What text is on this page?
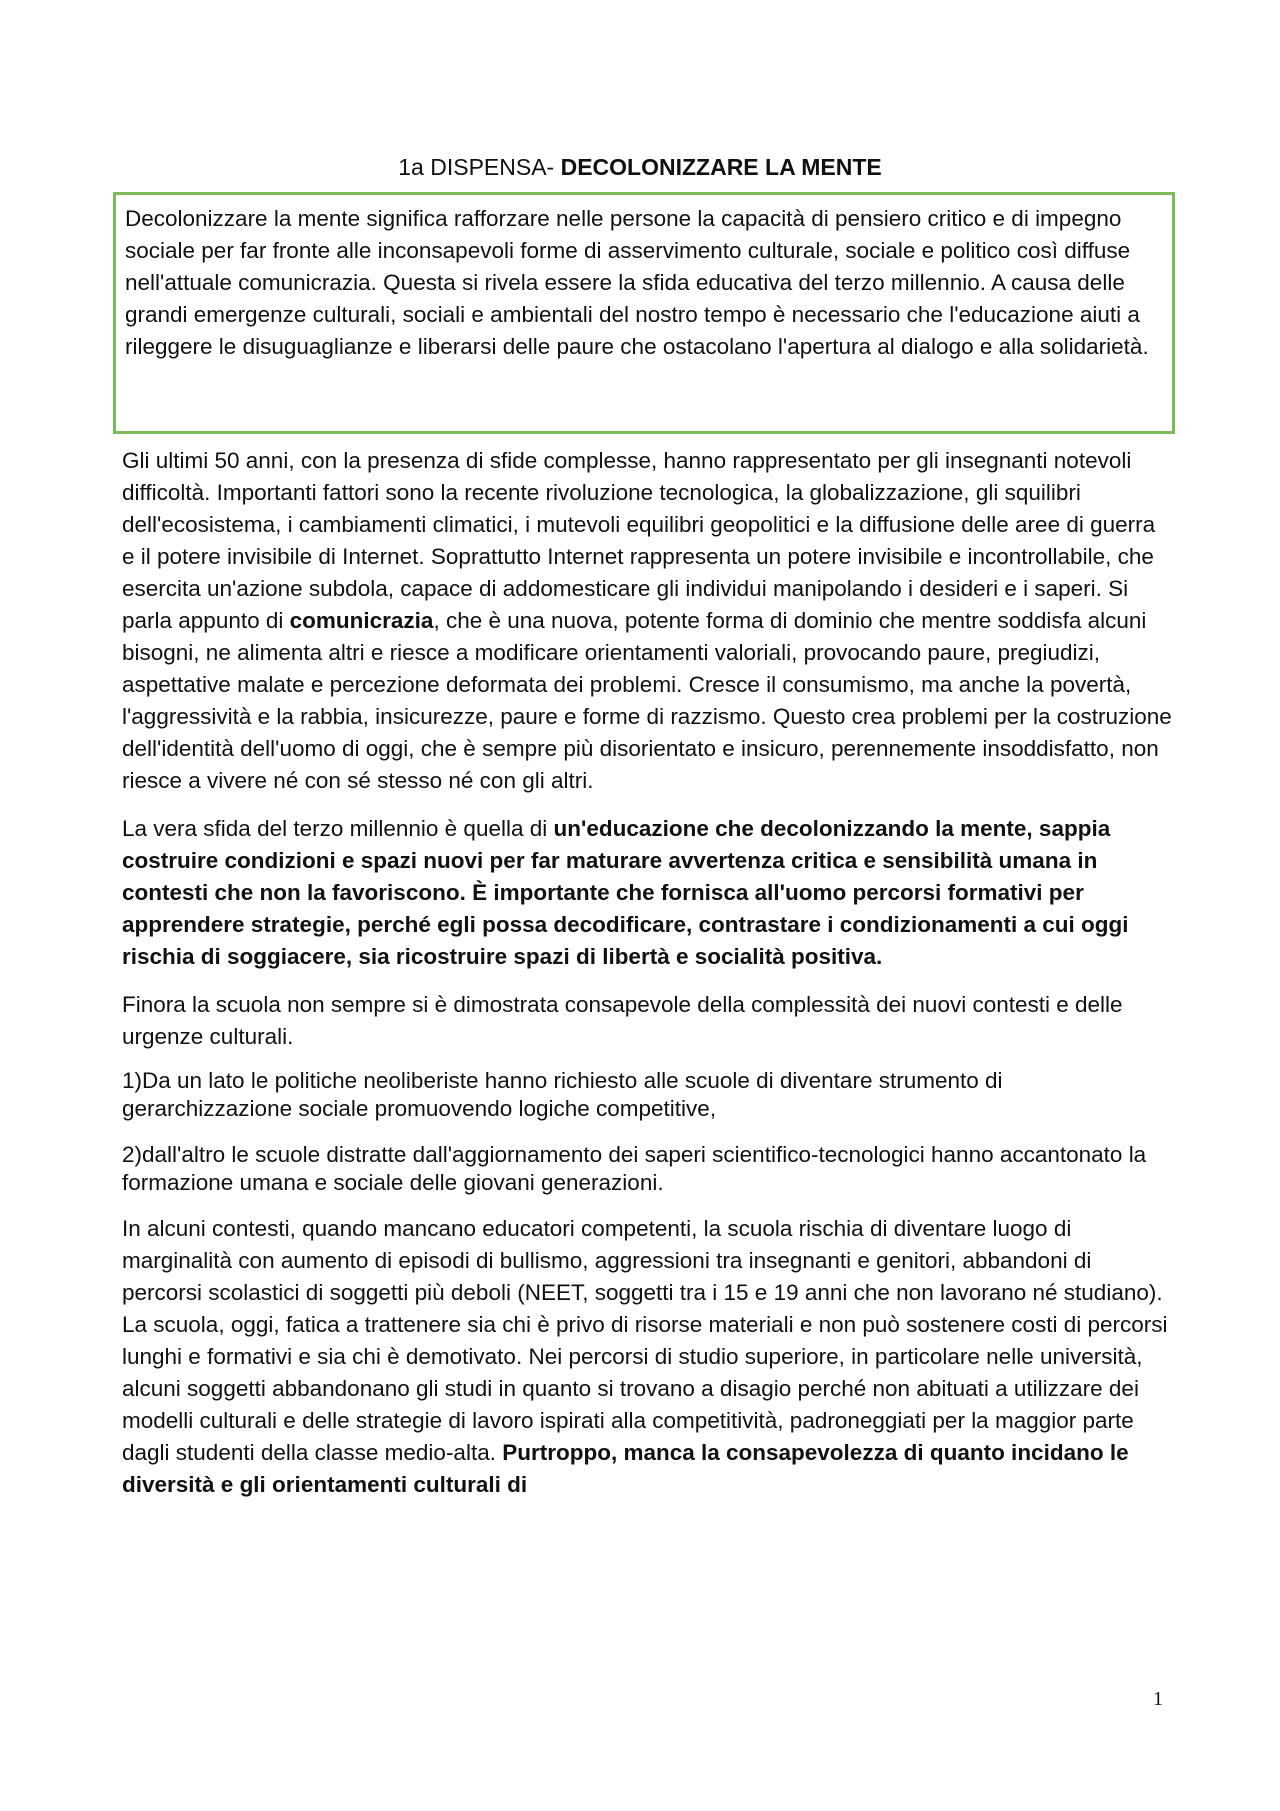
1a DISPENSA- DECOLONIZZARE LA MENTE
Decolonizzare la mente significa rafforzare nelle persone la capacità di pensiero critico e di impegno sociale per far fronte alle inconsapevoli forme di asservimento culturale, sociale e politico così diffuse nell'attuale comunicrazia. Questa si rivela essere la sfida educativa del terzo millennio. A causa delle grandi emergenze culturali, sociali e ambientali del nostro tempo è necessario che l'educazione aiuti a rileggere le disuguaglianze e liberarsi delle paure che ostacolano l'apertura al dialogo e alla solidarietà.

Gli ultimi 50 anni, con la presenza di sfide complesse, hanno rappresentato per gli insegnanti notevoli difficoltà. Importanti fattori sono la recente rivoluzione tecnologica, la globalizzazione, gli squilibri dell'ecosistema, i cambiamenti climatici, i mutevoli equilibri geopolitici e la diffusione delle aree di guerra e il potere invisibile di Internet. Soprattutto Internet rappresenta un potere invisibile e incontrollabile, che esercita un'azione subdola, capace di addomesticare gli individui manipolando i desideri e i saperi. Si parla appunto di comunicrazia, che è una nuova, potente forma di dominio che mentre soddisfa alcuni bisogni, ne alimenta altri e riesce a modificare orientamenti valoriali, provocando paure, pregiudizi, aspettative malate e percezione deformata dei problemi. Cresce il consumismo, ma anche la povertà, l'aggressività e la rabbia, insicurezze, paure e forme di razzismo. Questo crea problemi per la costruzione dell'identità dell'uomo di oggi, che è sempre più disorientato e insicuro, perennemente insoddisfatto, non riesce a vivere né con sé stesso né con gli altri.

La vera sfida del terzo millennio è quella di un'educazione che decolonizzando la mente, sappia costruire condizioni e spazi nuovi per far maturare avvertenza critica e sensibilità umana in contesti che non la favoriscono. È importante che fornisca all'uomo percorsi formativi per apprendere strategie, perché egli possa decodificare, contrastare i condizionamenti a cui oggi rischia di soggiacere, sia ricostruire spazi di libertà e socialità positiva.

Finora la scuola non sempre si è dimostrata consapevole della complessità dei nuovi contesti e delle urgenze culturali.

1)Da un lato le politiche neoliberiste hanno richiesto alle scuole di diventare strumento di gerarchizzazione sociale promuovendo logiche competitive,

2)dall'altro le scuole distratte dall'aggiornamento dei saperi scientifico-tecnologici hanno accantonato la formazione umana e sociale delle giovani generazioni.

In alcuni contesti, quando mancano educatori competenti, la scuola rischia di diventare luogo di marginalità con aumento di episodi di bullismo, aggressioni tra insegnanti e genitori, abbandoni di percorsi scolastici di soggetti più deboli (NEET, soggetti tra i 15 e 19 anni che non lavorano né studiano). La scuola, oggi, fatica a trattenere sia chi è privo di risorse materiali e non può sostenere costi di percorsi lunghi e formativi e sia chi è demotivato. Nei percorsi di studio superiore, in particolare nelle università, alcuni soggetti abbandonano gli studi in quanto si trovano a disagio perché non abituati a utilizzare dei modelli culturali e delle strategie di lavoro ispirati alla competitività, padroneggiati per la maggior parte dagli studenti della classe medio-alta. Purtroppo, manca la consapevolezza di quanto incidano le diversità e gli orientamenti culturali di

1
